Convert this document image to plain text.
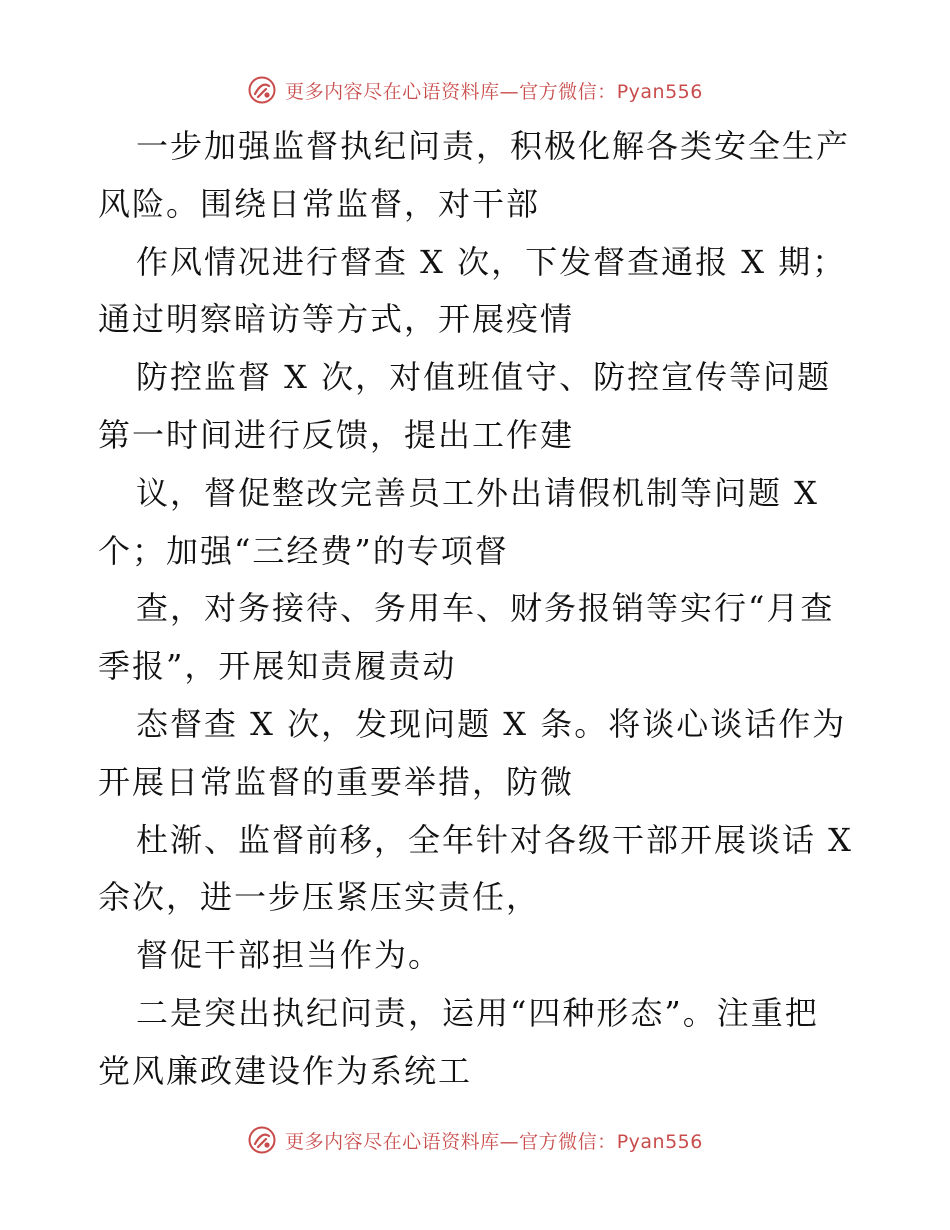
更多内容尽在心语资料库 — 官方微信： Pyan556
一步加强监督执纪问责，积极化解各类安全生产
风险。围绕日常监督，对干部
作风情况进行督查 X 次，下发督查通报 X 期；
通过明察暗访等方式，开展疫情
防控监督 X 次，对值班值守、防控宣传等问题
第一时间进行反馈，提出工作建
议，督促整改完善员工外出请假机制等问题 X
个；加强“三经费”的专项督
查，对务接待、务用车、财务报销等实行“月查
季报”，开展知责履责动
态督查 X 次，发现问题 X 条。将谈心谈话作为
开展日常监督的重要举措，防微
杜渐、监督前移，全年针对各级干部开展谈话 X
余次，进一步压紧压实责任，
督促干部担当作为。
二是突出执纪问责，运用“四种形态”。注重把
党风廉政建设作为系统工
更多内容尽在心语资料库 — 官方微信： Pyan556
